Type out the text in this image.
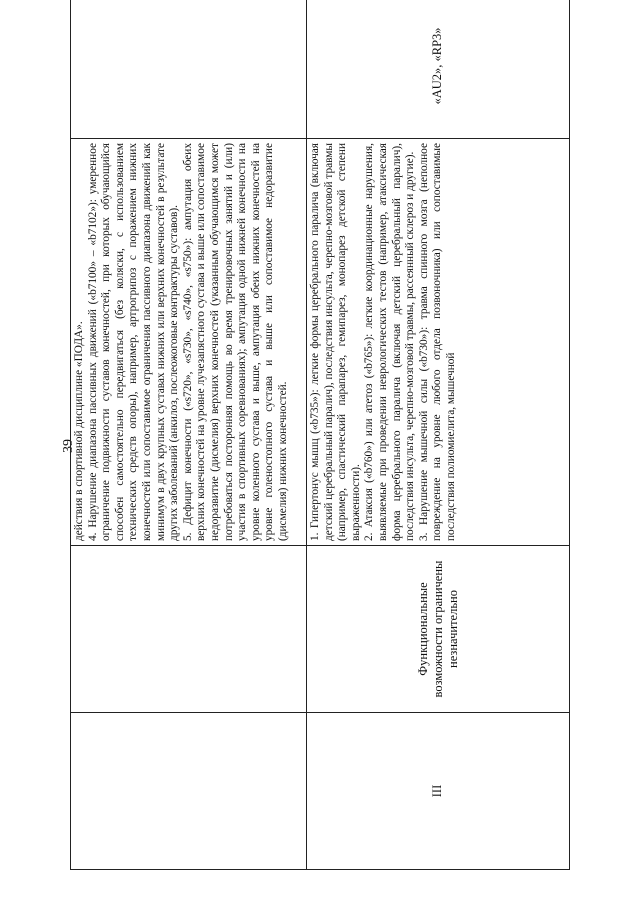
39

		действия в спортивной дисциплине «ПОДА». 4. Нарушение диапазона пассивных движений («b7100» – «b7102»): умеренное ограничение подвижности суставов конечностей, при которых обучающийся способен самостоятельно передвигаться (без коляски, с использованием технических средств опоры), например, артрогрипоз с поражением нижних конечностей или сопоставимое ограничения пассивного диапазона движений как минимум в двух крупных суставах нижних или верхних конечностей в результате других заболеваний (анкилоз, послеожоговые контрактуры суставов). 5. Дефицит конечности («s720», «s730», «s740», «s750»): ампутация обеих верхних конечностей на уровне лучезапястного сустава и выше или сопоставимое недоразвитие (дисмелия) верхних конечностей (указанным обучающимся может потребоваться посторонняя помощь во время тренировочных занятий и (или) участия в спортивных соревнованиях); ампутация одной нижней конечности на уровне коленного сустава и выше, ампутация обеих нижних конечностей на уровне голеностопного сустава и выше или сопоставимое недоразвитие (дисмелия) нижних конечностей.	

III	Функциональные возможности ограничены незначительно	1. Гипертонус мышц («b735»): легкие формы церебрального паралича (включая детский церебральный паралич), последствия инсульта, черепно-мозговой травмы (например, спастический парапарез, гемипарез, монопарез детской степени выраженности). 2. Атаксия («b760») или атетоз («b765»): легкие координационные нарушения, выявляемые при проведении неврологических тестов (например, атаксическая форма церебрального паралича (включая детский церебральный паралич), последствия инсульта, черепно-мозговой травмы, рассеянный склероз и другие). 3. Нарушение мышечной силы («b730»): травма спинного мозга (неполное повреждение на уровне любого отдела позвоночника) или сопоставимые последствия полиомиелита, мышечной	«AU2», «RP3»
